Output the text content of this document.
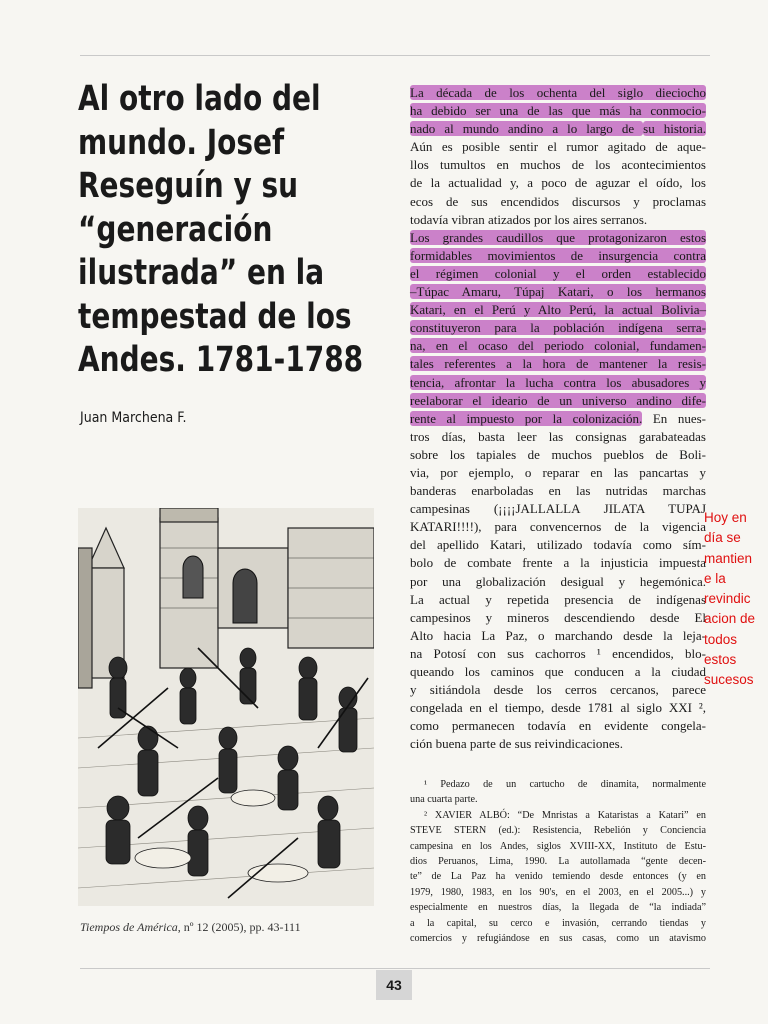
Al otro lado del
mundo. Josef
Reseguín y su
“generación
ilustrada” en la
tempestad de los
Andes. 1781-1788

Juan Marchena F.

Tiempos de América, nº 12 (2005), pp. 43-111

La década de los ochenta del siglo dieciocho
ha debido ser una de las que más ha conmocio-
nado al mundo andino a lo largo de su historia.
Aún es posible sentir el rumor agitado de aque-
llos tumultos en muchos de los acontecimientos
de la actualidad y, a poco de aguzar el oído, los
ecos de sus encendidos discursos y proclamas
todavía vibran atizados por los aires serranos.
Los grandes caudillos que protagonizaron estos
formidables movimientos de insurgencia contra
el régimen colonial y el orden establecido
–Túpac Amaru, Túpaj Katari, o los hermanos
Katari, en el Perú y Alto Perú, la actual Bolivia–
constituyeron para la población indígena serra-
na, en el ocaso del periodo colonial, fundamen-
tales referentes a la hora de mantener la resis-
tencia, afrontar la lucha contra los abusadores y
reelaborar el ideario de un universo andino dife-
rente al impuesto por la colonización. En nues-
tros días, basta leer las consignas garabateadas
sobre los tapiales de muchos pueblos de Boli-
via, por ejemplo, o reparar en las pancartas y
banderas enarboladas en las nutridas marchas
campesinas (¡¡¡¡JALLALLA JILATA TUPAJ
KATARI!!!!), para convencernos de la vigencia
del apellido Katari, utilizado todavía como sím-
bolo de combate frente a la injusticia impuesta
por una globalización desigual y hegemónica.
La actual y repetida presencia de indígenas
campesinos y mineros descendiendo desde El
Alto hacia La Paz, o marchando desde la leja-
na Potosí con sus cachorros ¹ encendidos, blo-
queando los caminos que conducen a la ciudad
y sitiándola desde los cerros cercanos, parece
congelada en el tiempo, desde 1781 al siglo XXI ²,
como permanecen todavía en evidente congela-
ción buena parte de sus reivindicaciones.
¹ Pedazo de un cartucho de dinamita, normalmente
una cuarta parte.
² XAVIER ALBÓ: “De Mnristas a Kataristas a Katari” en
STEVE STERN (ed.): Resistencia, Rebelión y Conciencia
campesina en los Andes, siglos XVIII-XX, Instituto de Estu-
dios Peruanos, Lima, 1990. La autollamada “gente decen-
te” de La Paz ha venido temiendo desde entonces (y en
1979, 1980, 1983, en los 90's, en el 2003, en el 2005...) y
especialmente en nuestros días, la llegada de “la indiada”
a la capital, su cerco e invasión, cerrando tiendas y
comercios y refugiándose en sus casas, como un atavismo
Hoy en
día se
mantien
e la
revindic
acion de
todos
estos
sucesos
43
